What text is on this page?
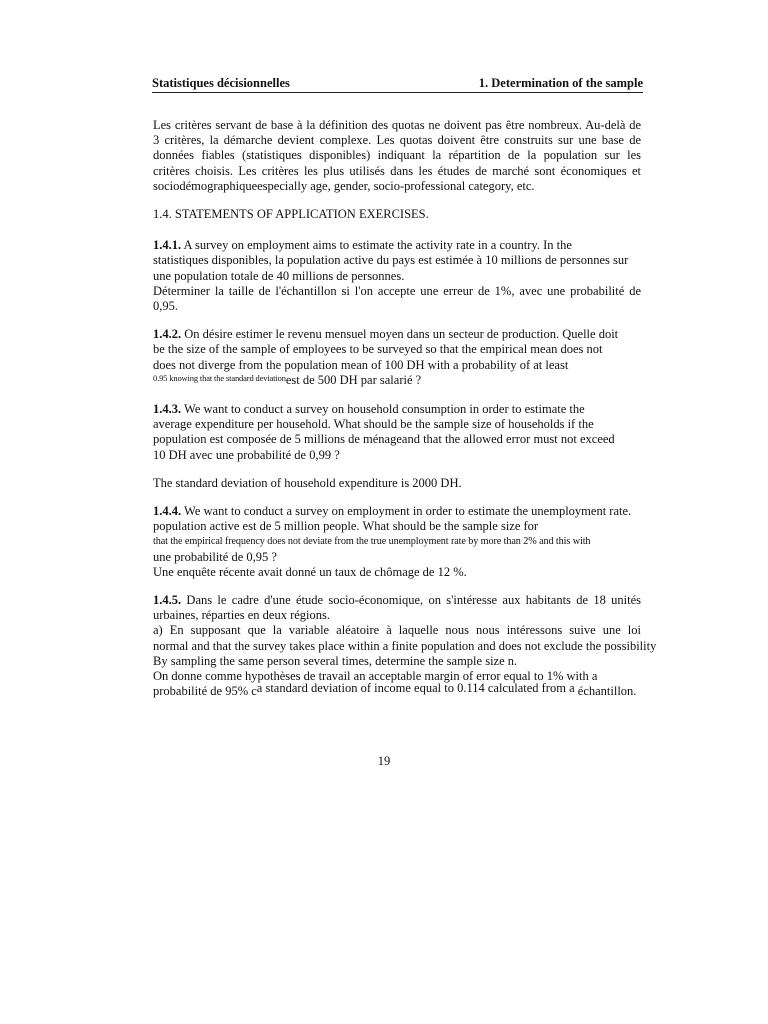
Statistiques décisionnelles	1. Determination of the sample
Les critères servant de base à la définition des quotas ne doivent pas être nombreux. Au-delà de
3 critères, la démarche devient complexe. Les quotas doivent être construits sur une base de
données fiables (statistiques disponibles) indiquant la répartition de la population sur les
critères choisis. Les critères les plus utilisés dans les études de marché sont économiques et
sociodémographiqueespecially age, gender, socio-professional category, etc.
1.4. STATEMENTS OF APPLICATION EXERCISES.
1.4.1. A survey on employment aims to estimate the activity rate in a country. In the
statistiques disponibles, la population active du pays est estimée à 10 millions de personnes sur
une population totale de 40 millions de personnes.
Déterminer la taille de l'échantillon si l'on accepte une erreur de 1%, avec une probabilité de
0,95.
1.4.2. On désire estimer le revenu mensuel moyen dans un secteur de production. Quelle doit
be the size of the sample of employees to be surveyed so that the empirical mean does not
does not diverge from the population mean of 100 DH with a probability of at least
$^{0.95 knowing that the standard deviation}$est de 500 DH par salarié ?
1.4.3. We want to conduct a survey on household consumption in order to estimate the
average expenditure per household. What should be the sample size of households if the
population est composée de 5 millions de ménageand that the allowed error must not exceed
10 DH avec une probabilité de 0,99 ?
The standard deviation of household expenditure is 2000 DH.
1.4.4. We want to conduct a survey on employment in order to estimate the unemployment rate.
population active est de 5 million people. What should be the sample size for
that the empirical frequency does not deviate from the true unemployment rate by more than 2% and this with
une probabilité de 0,95 ?
Une enquête récente avait donné un taux de chômage de 12 %.
1.4.5. Dans le cadre d'une étude socio-économique, on s'intéresse aux habitants de 18 unités
urbaines, réparties en deux régions.
a) En supposant que la variable aléatoire à laquelle nous nous intéressons suive une loi
normal and that the survey takes place within a finite population and does not exclude the possibility
By sampling the same person several times, determine the sample size n.
On donne comme hypothèses de travail an acceptable margin of error equal to 1% with a
probabilité de 95% ca standard deviation of income equal to 0.114 calculated from a échantillon.
19
